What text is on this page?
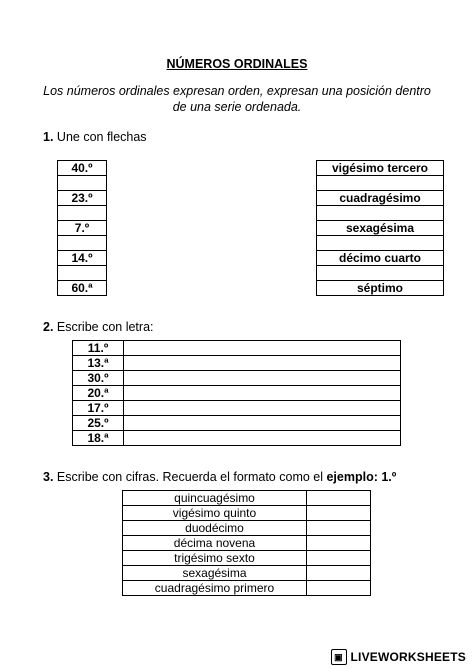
NÚMEROS ORDINALES
Los números ordinales expresan orden, expresan una posición dentro de una serie ordenada.
1. Une con flechas
40.º

23.º

7.º

14.º

60.ª
vigésimo tercero

cuadragésimo

sexagésima

décimo cuarto

séptimo
2. Escribe con letra:
11.º	
13.ª	
30.º	
20.ª	
17.º	
25.º	
18.ª	
3. Escribe con cifras. Recuerda el formato como el ejemplo: 1.º
quincuagésimo	
vigésimo quinto	
duodécimo	
décima novena	
trigésimo sexto	
sexagésima	
cuadragésimo primero	
▣ LIVEWORKSHEETS
